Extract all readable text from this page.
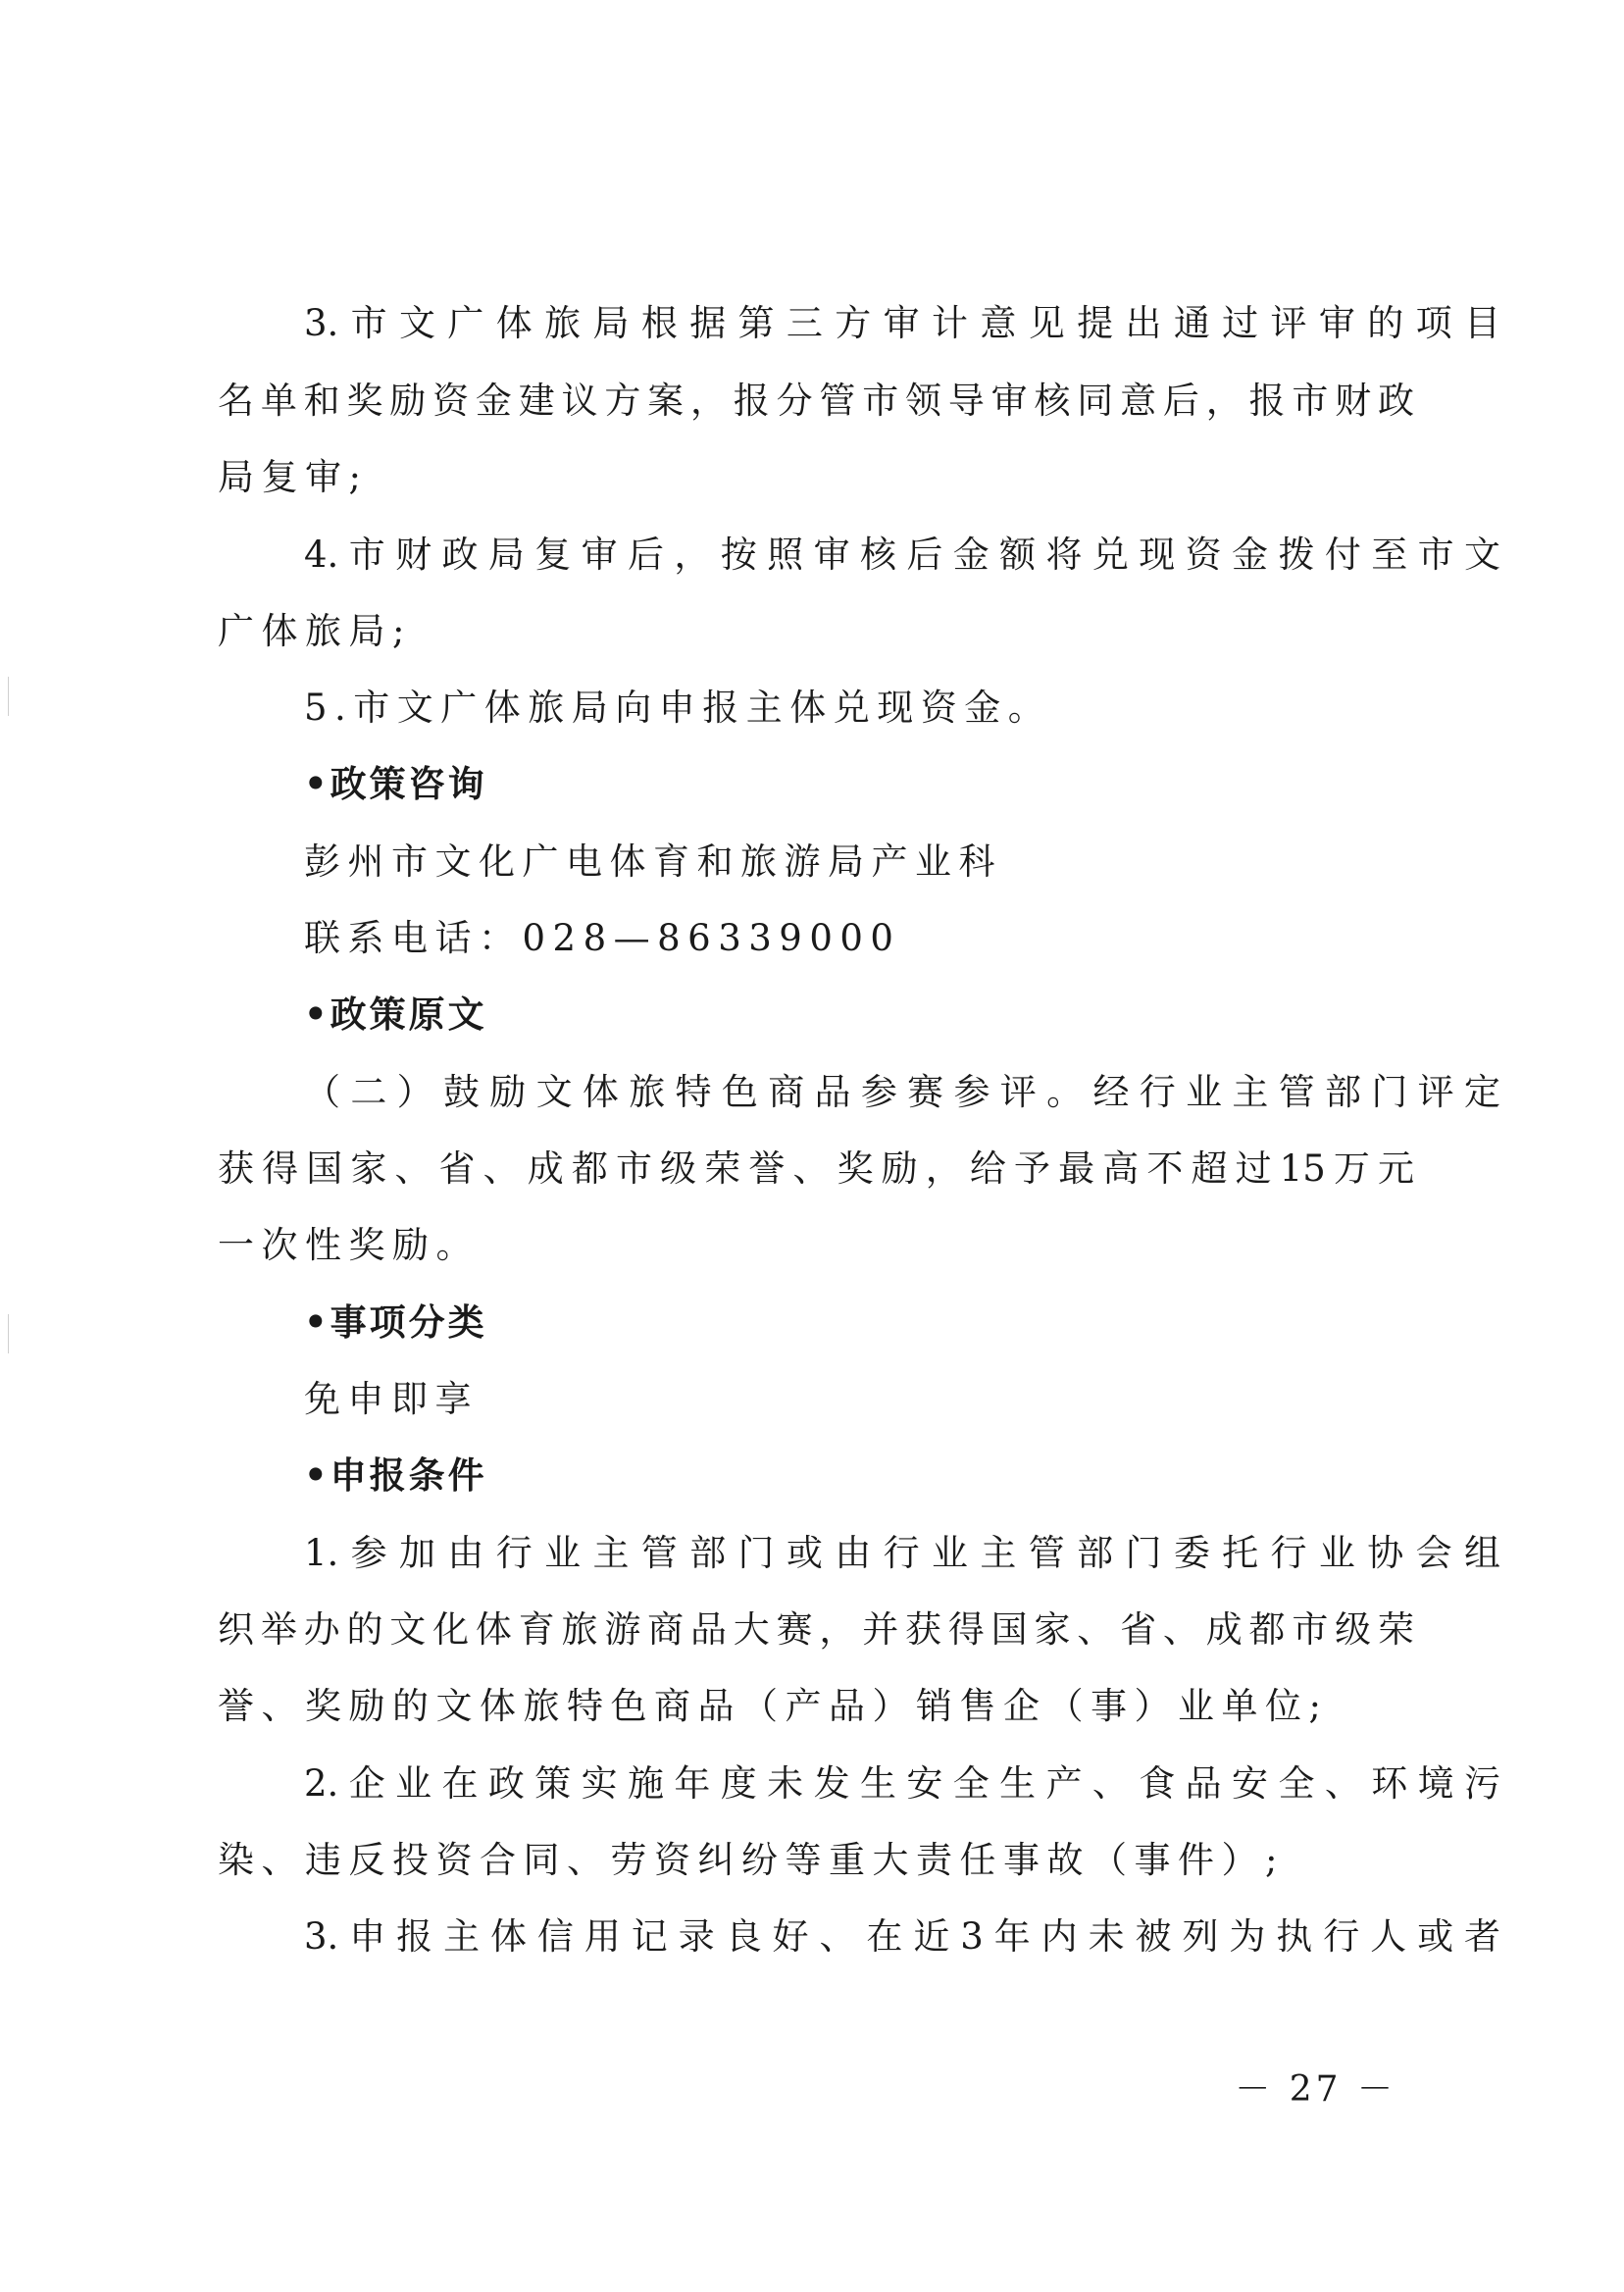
3.市文广体旅局根据第三方审计意见提出通过评审的项目
名单和奖励资金建议方案，报分管市领导审核同意后，报市财政
局复审;
4.市财政局复审后，按照审核后金额将兑现资金拨付至市文
广体旅局;
5.市文广体旅局向申报主体兑现资金。
•政策咨询
彭州市文化广电体育和旅游局产业科
联系电话：028—86339000
•政策原文
（二）鼓励文体旅特色商品参赛参评。经行业主管部门评定
获得国家、省、成都市级荣誉、奖励，给予最高不超过15万元
一次性奖励。
•事项分类
免申即享
•申报条件
1.参加由行业主管部门或由行业主管部门委托行业协会组
织举办的文化体育旅游商品大赛，并获得国家、省、成都市级荣
誉、奖励的文体旅特色商品（产品）销售企（事）业单位;
2.企业在政策实施年度未发生安全生产、食品安全、环境污
染、违反投资合同、劳资纠纷等重大责任事故（事件）;
3.申报主体信用记录良好、在近3年内未被列为执行人或者
－ 27 －
